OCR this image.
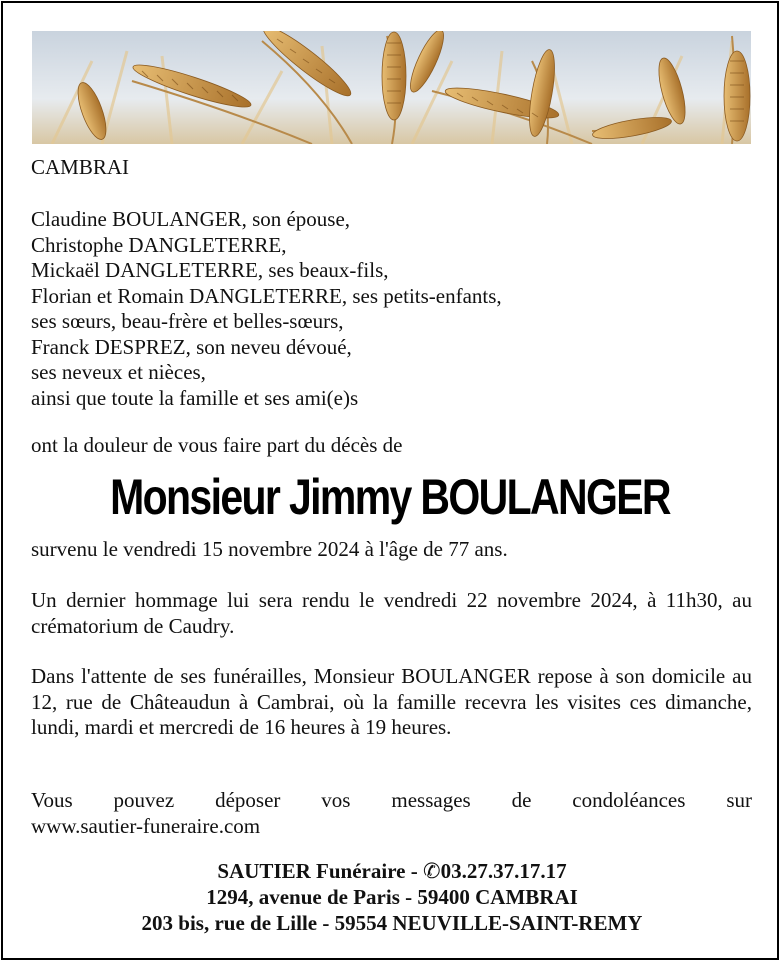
CAMBRAI
Claudine BOULANGER, son épouse,
Christophe DANGLETERRE,
Mickaël DANGLETERRE, ses beaux-fils,
Florian et Romain DANGLETERRE, ses petits-enfants,
ses sœurs, beau-frère et belles-sœurs,
Franck DESPREZ, son neveu dévoué,
ses neveux et nièces,
ainsi que toute la famille et ses ami(e)s
ont la douleur de vous faire part du décès de
Monsieur Jimmy BOULANGER
survenu le vendredi 15 novembre 2024 à l'âge de 77 ans.
Un dernier hommage lui sera rendu le vendredi 22 novembre 2024, à 11h30, au crématorium de Caudry.
Dans l'attente de ses funérailles, Monsieur BOULANGER repose à son domicile au 12, rue de Châteaudun à Cambrai, où la famille recevra les visites ces dimanche, lundi, mardi et mercredi de 16 heures à 19 heures.
Vous pouvez déposer vos messages de condoléances sur
www.sautier-funeraire.com
SAUTIER Funéraire - ✆03.27.37.17.17
1294, avenue de Paris - 59400 CAMBRAI
203 bis, rue de Lille - 59554 NEUVILLE-SAINT-REMY
